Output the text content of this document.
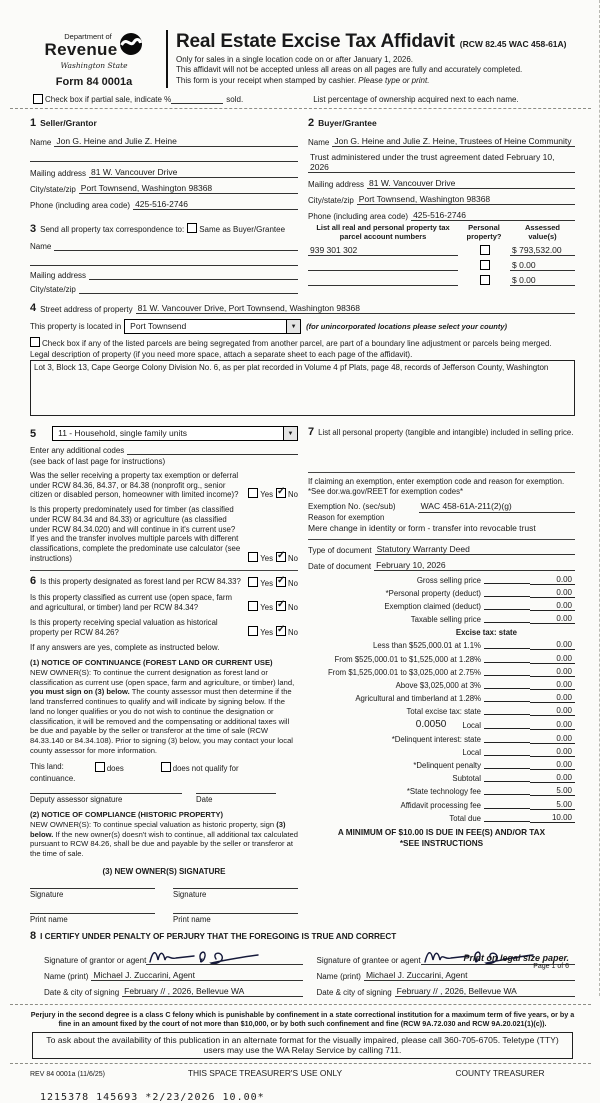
Department of
Revenue
Washington State
Form 84 0001a
Real Estate Excise Tax Affidavit (RCW 82.45 WAC 458-61A)
Only for sales in a single location code on or after January 1, 2026.
This affidavit will not be accepted unless all areas on all pages are fully and accurately completed.
This form is your receipt when stamped by cashier. Please type or print.
Check box if partial sale, indicate %	sold.	List percentage of ownership acquired next to each name.
1 Seller/Grantor
Name Jon G. Heine and Julie Z. Heine

Mailing address 81 W. Vancouver Drive
City/state/zip Port Townsend, Washington 98368
Phone (including area code) 425-516-2746
3 Send all property tax correspondence to: Same as Buyer/Grantee
Name

Mailing address
City/state/zip
2 Buyer/Grantee
Name Jon G. Heine and Julie Z. Heine, Trustees of Heine Community
Trust administered under the trust agreement dated February 10, 2026
Mailing address 81 W. Vancouver Drive
City/state/zip Port Townsend, Washington 98368
Phone (including area code) 425-516-2746
List all real and personal property tax parcel account numbers
Personal property?
Assessed value(s)
939 301 302	$ 793,532.00

$ 0.00

$ 0.00
4 Street address of property 81 W. Vancouver Drive, Port Townsend, Washington 98368
This property is located in	Port Townsend	▼	(for unincorporated locations please select your county)
Check box if any of the listed parcels are being segregated from another parcel, are part of a boundary line adjustment or parcels being merged.
Legal description of property (if you need more space, attach a separate sheet to each page of the affidavit).
Lot 3, Block 13, Cape George Colony Division No. 6, as per plat recorded in Volume 4 pf Plats, page 48, records of Jefferson County, Washington
5	11 - Household, single family units	▼
Enter any additional codes
(see back of last page for instructions)
Was the seller receiving a property tax exemption or deferral under RCW 84.36, 84.37, or 84.38 (nonprofit org., senior citizen or disabled person, homeowner with limited income)?	Yes ✓ No
Is this property predominately used for timber (as classified under RCW 84.34 and 84.33) or agriculture (as classified under RCW 84.34.020) and will continue in it's current use? If yes and the transfer involves multiple parcels with different classifications, complete the predominate use calculator (see instructions)	Yes ✓ No
6 Is this property designated as forest land per RCW 84.33?	Yes ✓ No
Is this property classified as current use (open space, farm and agricultural, or timber) land per RCW 84.34?	Yes ✓ No
Is this property receiving special valuation as historical property per RCW 84.26?	Yes ✓ No
If any answers are yes, complete as instructed below.
(1) NOTICE OF CONTINUANCE (FOREST LAND OR CURRENT USE)
NEW OWNER(S): To continue the current designation as forest land or classification as current use (open space, farm and agriculture, or timber) land, you must sign on (3) below. The county assessor must then determine if the land transferred continues to qualify and will indicate by signing below. If the land no longer qualifies or you do not wish to continue the designation or classification, it will be removed and the compensating or additional taxes will be due and payable by the seller or transferor at the time of sale (RCW 84.33.140 or 84.34.108). Prior to signing (3) below, you may contact your local county assessor for more information.
This land:	does	does not qualify for
continuance.
Deputy assessor signature	Date
(2) NOTICE OF COMPLIANCE (HISTORIC PROPERTY)
NEW OWNER(S): To continue special valuation as historic property, sign (3) below. If the new owner(s) doesn't wish to continue, all additional tax calculated pursuant to RCW 84.26, shall be due and payable by the seller or transferor at the time of sale.
(3) NEW OWNER(S) SIGNATURE
Signature	Signature
Print name	Print name
7 List all personal property (tangible and intangible) included in selling price.
If claiming an exemption, enter exemption code and reason for exemption. *See dor.wa.gov/REET for exemption codes*
Exemption No. (sec/sub)	WAC 458-61A-211(2)(g)
Reason for exemption
Mere change in identity or form - transfer into revocable trust
Type of document Statutory Warranty Deed
Date of document February 10, 2026
Gross selling price	0.00
*Personal property (deduct)	0.00
Exemption claimed (deduct)	0.00
Taxable selling price	0.00
Excise tax: state
Less than $525,000.01 at 1.1%	0.00
From $525,000.01 to $1,525,000 at 1.28%	0.00
From $1,525,000.01 to $3,025,000 at 2.75%	0.00
Above $3,025,000 at 3%	0.00
Agricultural and timberland at 1.28%	0.00
Total excise tax: state	0.00
0.0050 Local	0.00
*Delinquent interest: state	0.00
Local	0.00
*Delinquent penalty	0.00
Subtotal	0.00
*State technology fee	5.00
Affidavit processing fee	5.00
Total due	10.00
A MINIMUM OF $10.00 IS DUE IN FEE(S) AND/OR TAX
*SEE INSTRUCTIONS
8 I CERTIFY UNDER PENALTY OF PERJURY THAT THE FOREGOING IS TRUE AND CORRECT
Signature of grantor or agent
Name (print) Michael J. Zuccarini, Agent
Date & city of signing February // , 2026, Bellevue WA
Signature of grantee or agent
Name (print) Michael J. Zuccarini, Agent
Date & city of signing February // , 2026, Bellevue WA
Perjury in the second degree is a class C felony which is punishable by confinement in a state correctional institution for a maximum term of five years, or by a fine in an amount fixed by the court of not more than $10,000, or by both such confinement and fine (RCW 9A.72.030 and RCW 9A.20.021(1)(c)).
To ask about the availability of this publication in an alternate format for the visually impaired, please call 360-705-6705. Teletype (TTY) users may use the WA Relay Service by calling 711.
REV 84 0001a (11/6/25)	THIS SPACE TREASURER'S USE ONLY	COUNTY TREASURER
1215378 145693 *2/23/2026 10.00*
Print on legal size paper.
Page 1 of 6
